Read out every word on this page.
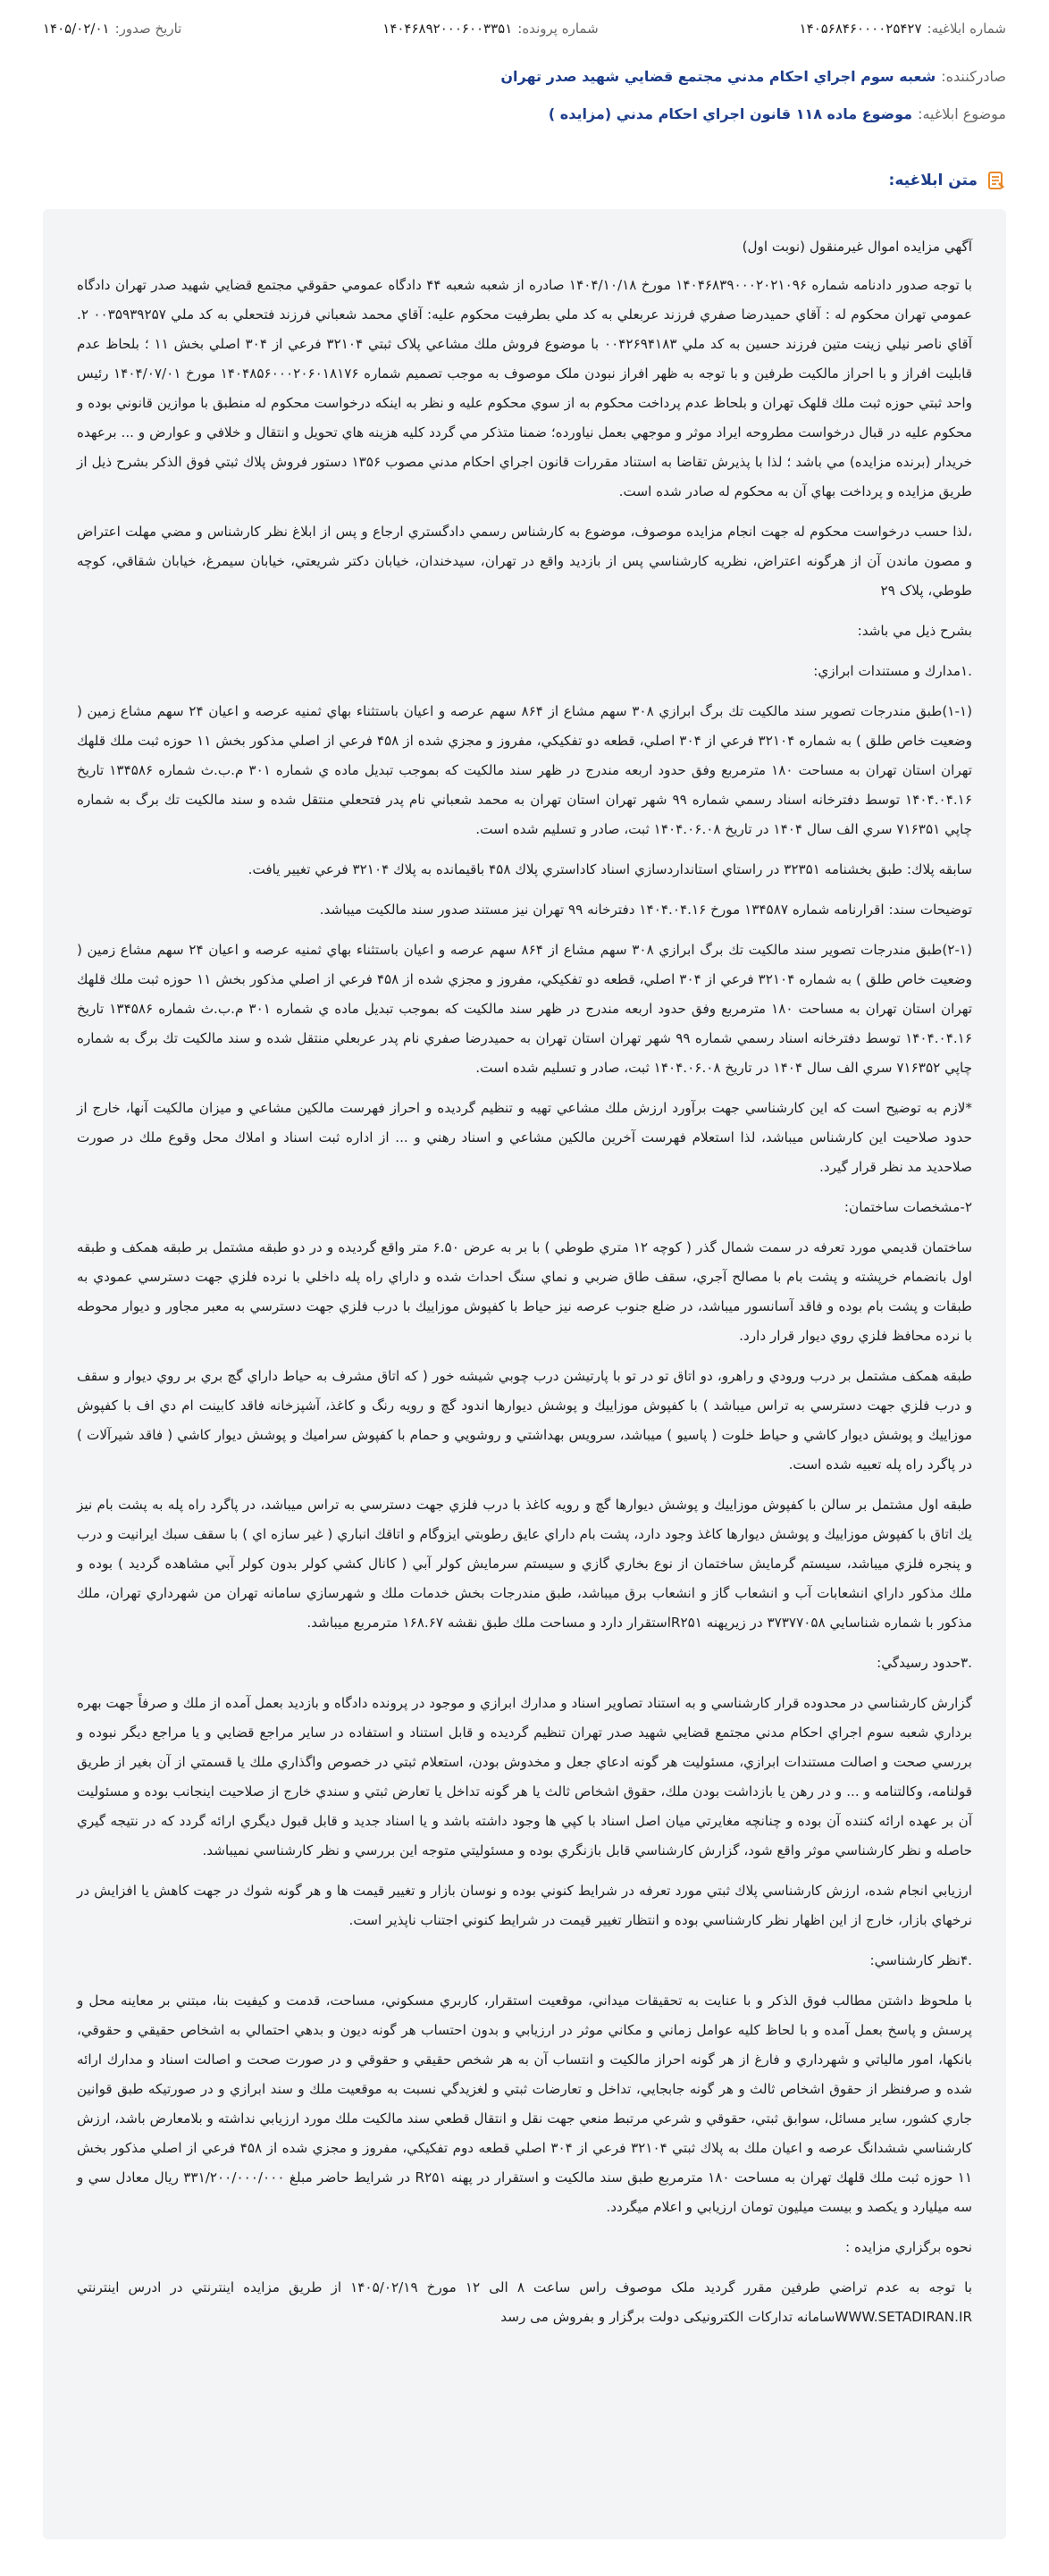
شماره ابلاغيه:۱۴۰۵۶۸۴۶۰۰۰۰۲۵۴۲۷
شماره پرونده:۱۴۰۴۶۸۹۲۰۰۰۶۰۰۳۳۵۱
تاريخ صدور:۱۴۰۵/۰۲/۰۱
صادرکننده:
شعبه سوم اجراي احكام مدني مجتمع قضايي شهيد صدر تهران
موضوع ابلاغيه:
موضوع ماده ۱۱۸ قانون اجراي احکام مدني (مزايده )
متن ابلاغيه:

آگهي مزايده اموال غيرمنقول (نوبت اول)

با توجه صدور دادنامه شماره ۱۴۰۴۶۸۳۹۰۰۰۲۰۲۱۰۹۶ مورخ ۱۴۰۴/۱۰/۱۸ صادره از شعبه شعبه ۴۴ دادگاه عمومي حقوقي مجتمع قضايي شهيد صدر تهران دادگاه عمومي تهران محکوم له : آقاي حميدرضا صفري فرزند عربعلي به کد ملي بطرفيت محکوم عليه: آقاي محمد شعباني فرزند فتحعلي به کد ملي ۰۰۳۵۹۳۹۲۵۷ ۲. آقاي ناصر نيلي زينت متين فرزند حسين به کد ملي ۰۰۴۲۶۹۴۱۸۳ با موضوع فروش ملك مشاعي پلاک ثبتي ۳۲۱۰۴ فرعي از ۳۰۴ اصلي بخش ۱۱ ؛ بلحاظ عدم قابليت افراز و با احراز مالکيت طرفين و با توجه به ظهر افراز نبودن ملک موصوف به موجب تصميم شماره ۱۴۰۴۸۵۶۰۰۰۲۰۶۰۱۸۱۷۶ مورخ ۱۴۰۴/۰۷/۰۱ رئيس واحد ثبتي حوزه ثبت ملك قلهک تهران و بلحاظ عدم پرداخت محكوم به از سوي محكوم عليه و نظر به اينكه درخواست محکوم له منطبق با موازين قانوني بوده و محكوم عليه در قبال درخواست مطروحه ايراد موثر و موجهي بعمل نياورده؛ ضمنا متذکر مي گردد کليه هزينه هاي تحويل و انتقال و خلافي و عوارض و ... برعهده خريدار (برنده مزايده) مي باشد ؛ لذا با پذيرش تقاضا به استناد مقررات قانون اجراي احكام مدني مصوب ۱۳۵۶ دستور فروش پلاك ثبتي فوق الذكر بشرح ذيل از طريق مزايده و پرداخت بهاي آن به محكوم له صادر شده است.

،لذا حسب درخواست محکوم له جهت انجام مزايده موصوف، موضوع به کارشناس رسمي دادگستري ارجاع و پس از ابلاغ نظر کارشناس و مضي مهلت اعتراض و مصون ماندن آن از هرگونه اعتراض، نظريه کارشناسي پس از بازديد واقع در تهران، سيدخندان، خيابان دکتر شريعتي، خيابان سيمرغ، خيابان شقاقي، کوچه طوطي، پلاک ۲۹

بشرح ذيل مي باشد:

.۱مدارك و مستندات ابرازي:

(۱-۱)طبق مندرجات تصوير سند مالکيت تك برگ ابرازي ۳۰۸ سهم مشاع از ۸۶۴ سهم عرصه و اعيان باستثناء بهاي ثمنيه عرصه و اعيان ۲۴ سهم مشاع زمين ( وضعيت خاص طلق ) به شماره ۳۲۱۰۴ فرعي از ۳۰۴ اصلي، قطعه دو تفكيكي، مفروز و مجزي شده از ۴۵۸ فرعي از اصلي مذکور بخش ۱۱ حوزه ثبت ملك قلهك تهران استان تهران به مساحت ۱۸۰ مترمربع وفق حدود اربعه مندرج در ظهر سند مالکيت که بموجب تبديل ماده ي شماره ۳۰۱ م.ب.ث شماره ۱۳۴۵۸۶ تاريخ ۱۴۰۴.۰۴.۱۶ توسط دفترخانه اسناد رسمي شماره ۹۹ شهر تهران استان تهران به محمد شعباني نام پدر فتحعلي منتقل شده و سند مالكيت تك برگ به شماره چاپي ۷۱۶۳۵۱ سري الف سال ۱۴۰۴ در تاريخ ۱۴۰۴.۰۶.۰۸ ثبت، صادر و تسليم شده است.

سابقه پلاك: طبق بخشنامه ۳۲۳۵۱ در راستاي استانداردسازي اسناد كاداستري پلاك ۴۵۸ باقيمانده به پلاك ۳۲۱۰۴ فرعي تغيير يافت.

توضيحات سند: اقرارنامه شماره ۱۳۴۵۸۷ مورخ ۱۴۰۴.۰۴.۱۶ دفترخانه ۹۹ تهران نيز مستند صدور سند مالكيت ميباشد.

(۲-۱)طبق مندرجات تصوير سند مالكيت تك برگ ابرازي ۳۰۸ سهم مشاع از ۸۶۴ سهم عرصه و اعيان باستثناء بهاي ثمنيه عرصه و اعيان ۲۴ سهم مشاع زمين ( وضعيت خاص طلق ) به شماره ۳۲۱۰۴ فرعي از ۳۰۴ اصلي، قطعه دو تفكيكي، مفروز و مجزي شده از ۴۵۸ فرعي از اصلي مذکور بخش ۱۱ حوزه ثبت ملك قلهك تهران استان تهران به مساحت ۱۸۰ مترمربع وفق حدود اربعه مندرج در ظهر سند مالكيت كه بموجب تبديل ماده ي شماره ۳۰۱ م.ب.ث شماره ۱۳۴۵۸۶ تاريخ ۱۴۰۴.۰۴.۱۶ توسط دفترخانه اسناد رسمي شماره ۹۹ شهر تهران استان تهران به حميدرضا صفري نام پدر عربعلي منتقل شده و سند مالكيت تك برگ به شماره چاپي ۷۱۶۳۵۲ سري الف سال ۱۴۰۴ در تاريخ ۱۴۰۴.۰۶.۰۸ ثبت، صادر و تسليم شده است.

*لازم به توضيح است كه اين كارشناسي جهت برآورد ارزش ملك مشاعي تهيه و تنظيم گرديده و احراز فهرست مالكين مشاعي و ميزان مالكيت آنها، خارج از حدود صلاحيت اين كارشناس ميباشد، لذا استعلام فهرست آخرين مالكين مشاعي و اسناد رهني و ... از اداره ثبت اسناد و املاك محل وقوع ملك در صورت صلاحديد مد نظر قرار گيرد.

۲-مشخصات ساختمان:

ساختمان قديمي مورد تعرفه در سمت شمال گذر ( كوچه ۱۲ متري طوطي ) با بر به عرض ۶.۵۰ متر واقع گرديده و در دو طبقه مشتمل بر طبقه همكف و طبقه اول بانضمام خرپشته و پشت بام با مصالح آجري، سقف طاق ضربي و نماي سنگ احداث شده و داراي راه پله داخلي با نرده فلزي جهت دسترسي عمودي به طبقات و پشت بام بوده و فاقد آسانسور ميباشد، در ضلع جنوب عرصه نيز حياط با كفپوش موزاييك با درب فلزي جهت دسترسي به معبر مجاور و ديوار محوطه با نرده محافظ فلزي روي ديوار قرار دارد.

طبقه همكف مشتمل بر درب ورودي و راهرو، دو اتاق تو در تو با پارتيشن درب چوبي شيشه خور ( كه اتاق مشرف به حياط داراي گچ بري بر روي ديوار و سقف و درب فلزي جهت دسترسي به تراس ميباشد ) با كفپوش موزاييك و پوشش ديوارها اندود گچ و رويه رنگ و كاغذ، آشپزخانه فاقد كابينت ام دي اف با كفپوش موزاييك و پوشش ديوار كاشي و حياط خلوت ( پاسيو ) ميباشد، سرويس بهداشتي و روشويي و حمام با كفپوش سراميك و پوشش ديوار كاشي ( فاقد شيرآلات ) در پاگرد راه پله تعبيه شده است.

طبقه اول مشتمل بر سالن با كفپوش موزاييك و پوشش ديوارها گچ و رويه كاغذ با درب فلزي جهت دسترسي به تراس ميباشد، در پاگرد راه پله به پشت بام نيز يك اتاق با كفپوش موزاييك و پوشش ديوارها كاغذ وجود دارد، پشت بام داراي عايق رطوبتي ايزوگام و اتاقك انباري ( غير سازه اي ) با سقف سبك ايرانيت و درب و پنجره فلزي ميباشد، سيستم گرمايش ساختمان از نوع بخاري گازي و سيستم سرمايش كولر آبي ( كانال كشي كولر بدون كولر آبي مشاهده گرديد ) بوده و ملك مذكور داراي انشعابات آب و انشعاب گاز و انشعاب برق ميباشد، طبق مندرجات بخش خدمات ملك و شهرسازي سامانه تهران من شهرداري تهران، ملك مذكور با شماره شناسايي ۳۷۳۷۷۰۵۸ در زيرپهنه R۲۵۱استقرار دارد و مساحت ملك طبق نقشه ۱۶۸.۶۷ مترمربع ميباشد.

.۳حدود رسيدگي:

گزارش كارشناسي در محدوده قرار كارشناسي و به استناد تصاوير اسناد و مدارك ابرازي و موجود در پرونده دادگاه و بازديد بعمل آمده از ملك و صرفاً جهت بهره برداري شعبه سوم اجراي احكام مدني مجتمع قضايي شهيد صدر تهران تنظيم گرديده و قابل استناد و استفاده در ساير مراجع قضايي و يا مراجع ديگر نبوده و بررسي صحت و اصالت مستندات ابرازي، مسئوليت هر گونه ادعاي جعل و مخدوش بودن، استعلام ثبتي در خصوص واگذاري ملك يا قسمتي از آن بغير از طريق قولنامه، وكالتنامه و ... و در رهن يا بازداشت بودن ملك، حقوق اشخاص ثالث يا هر گونه تداخل يا تعارض ثبتي و سندي خارج از صلاحيت اينجانب بوده و مسئوليت آن بر عهده ارائه كننده آن بوده و چنانچه مغايرتي ميان اصل اسناد با كپي ها وجود داشته باشد و يا اسناد جديد و قابل قبول ديگري ارائه گردد كه در نتيجه گيري حاصله و نظر كارشناسي موثر واقع شود، گزارش كارشناسي قابل بازنگري بوده و مسئوليتي متوجه اين بررسي و نظر كارشناسي نميباشد.

ارزيابي انجام شده، ارزش كارشناسي پلاك ثبتي مورد تعرفه در شرايط كنوني بوده و نوسان بازار و تغيير قيمت ها و هر گونه شوك در جهت كاهش يا افزايش در نرخهاي بازار، خارج از اين اظهار نظر كارشناسي بوده و انتظار تغيير قيمت در شرايط كنوني اجتناب ناپذير است.

.۴نظر كارشناسي:

با ملحوظ داشتن مطالب فوق الذكر و با عنايت به تحقيقات ميداني، موقعيت استقرار، كاربري مسكوني، مساحت، قدمت و كيفيت بنا، مبتني بر معاينه محل و پرسش و پاسخ بعمل آمده و با لحاظ كليه عوامل زماني و مكاني موثر در ارزيابي و بدون احتساب هر گونه ديون و بدهي احتمالي به اشخاص حقيقي و حقوقي، بانكها، امور مالياتي و شهرداري و فارغ از هر گونه احراز مالكيت و انتساب آن به هر شخص حقيقي و حقوقي و در صورت صحت و اصالت اسناد و مدارك ارائه شده و صرفنظر از حقوق اشخاص ثالث و هر گونه جابجايي، تداخل و تعارضات ثبتي و لغزيدگي نسبت به موقعيت ملك و سند ابرازي و در صورتيكه طبق قوانين جاري كشور، ساير مسائل، سوابق ثبتي، حقوقي و شرعي مرتبط منعي جهت نقل و انتقال قطعي سند مالكيت ملك مورد ارزيابي نداشته و بلامعارض باشد، ارزش كارشناسي ششدانگ عرصه و اعيان ملك به پلاك ثبتي ۳۲۱۰۴ فرعي از ۳۰۴ اصلي قطعه دوم تفكيكي، مفروز و مجزي شده از ۴۵۸ فرعي از اصلي مذكور بخش ۱۱ حوزه ثبت ملك قلهك تهران به مساحت ۱۸۰ مترمربع طبق سند مالكيت و استقرار در پهنه R۲۵۱ در شرايط حاضر مبلغ ۳۳۱/۲۰۰/۰۰۰/۰۰۰ ريال معادل سي و سه ميليارد و يكصد و بيست ميليون تومان ارزيابي و اعلام ميگردد.

نحوه برگزاري مزايده :

با توجه به عدم تراضي طرفين مقرر گرديد ملک موصوف راس ساعت ۸ الی ۱۲ مورخ ۱۴۰۵/۰۲/۱۹ از طريق مزايده اينترنتي در ادرس اينترنتي WWW.SETADIRAN.IRسامانه تدارکات الکترونيکی دولت برگزار و بفروش می رسد
